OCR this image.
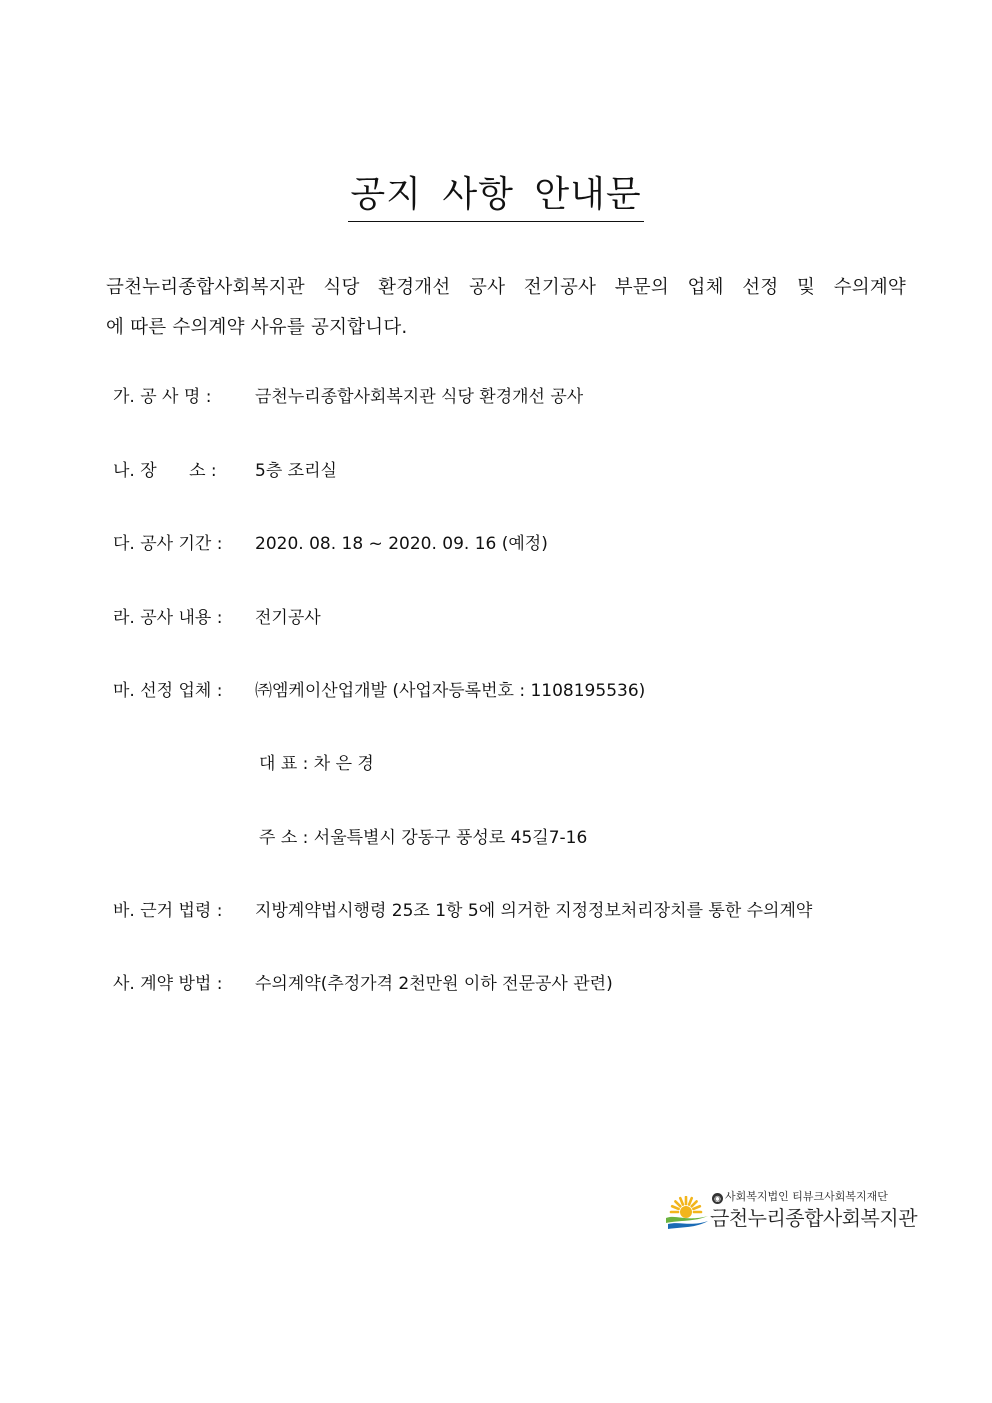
공지 사항 안내문
금천누리종합사회복지관 식당 환경개선 공사 전기공사 부문의 업체 선정 및 수의계약
에 따른 수의계약 사유를 공지합니다.
가. 공 사 명 :	금천누리종합사회복지관 식당 환경개선 공사
나. 장      소 : 5층 조리실
다. 공사 기간 : 2020. 08. 18 ~ 2020. 09. 16 (예정)
라. 공사 내용 : 전기공사
마. 선정 업체 : ㈜엠케이산업개발 (사업자등록번호 : 1108195536)
대 표 : 차 은 경
주 소 : 서울특별시 강동구 풍성로 45길7-16
바. 근거 법령 : 지방계약법시행령 25조 1항 5에 의거한 지정정보처리장치를 통한 수의계약
사. 계약 방법 : 수의계약(추정가격 2천만원 이하 전문공사 관련)
◉ 사회복지법인 티뷰크사회복지재단
금천누리종합사회복지관
